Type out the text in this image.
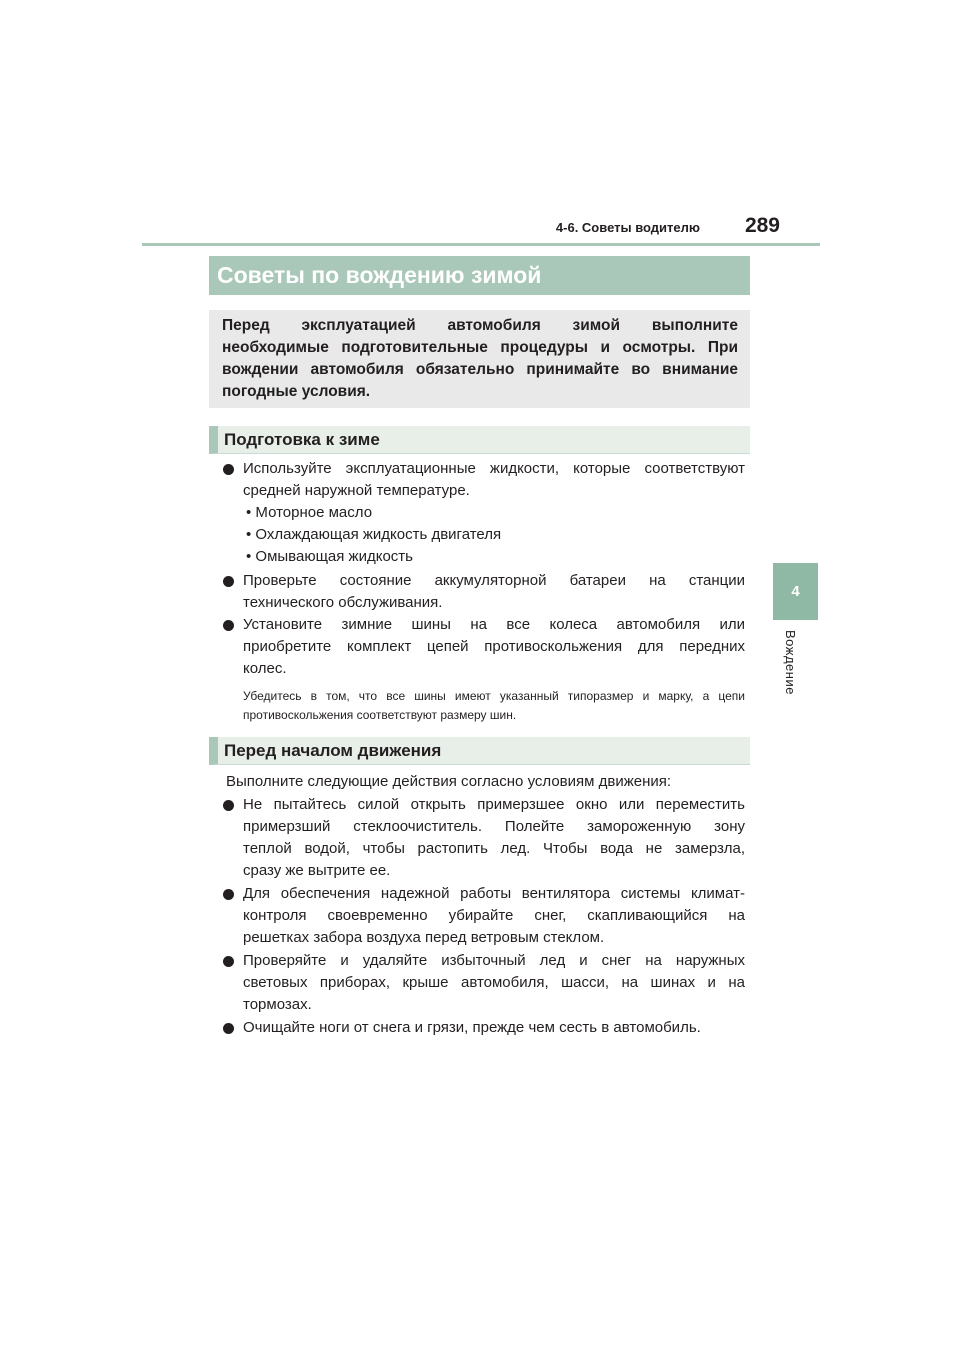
4-6. Советы водителю	289
4
Вождение
Советы по вождению зимой
Перед эксплуатацией автомобиля зимой выполните
необходимые подготовительные процедуры и осмотры. При
вождении автомобиля обязательно принимайте во внимание
погодные условия.
Подготовка к зиме
Используйте эксплуатационные жидкости, которые соответствуют
средней наружной температуре.
• Моторное масло
• Охлаждающая жидкость двигателя
• Омывающая жидкость
Проверьте состояние аккумуляторной батареи на станции
технического обслуживания.
Установите зимние шины на все колеса автомобиля или
приобретите комплект цепей противоскольжения для передних
колес.
Убедитесь в том, что все шины имеют указанный типоразмер и марку, а цепи
противоскольжения соответствуют размеру шин.
Перед началом движения
Выполните следующие действия согласно условиям движения:
Не пытайтесь силой открыть примерзшее окно или переместить
примерзший стеклоочиститель. Полейте замороженную зону
теплой водой, чтобы растопить лед. Чтобы вода не замерзла,
сразу же вытрите ее.
Для обеспечения надежной работы вентилятора системы климат-
контроля своевременно убирайте снег, скапливающийся на
решетках забора воздуха перед ветровым стеклом.
Проверяйте и удаляйте избыточный лед и снег на наружных
световых приборах, крыше автомобиля, шасси, на шинах и на
тормозах.
Очищайте ноги от снега и грязи, прежде чем сесть в автомобиль.
